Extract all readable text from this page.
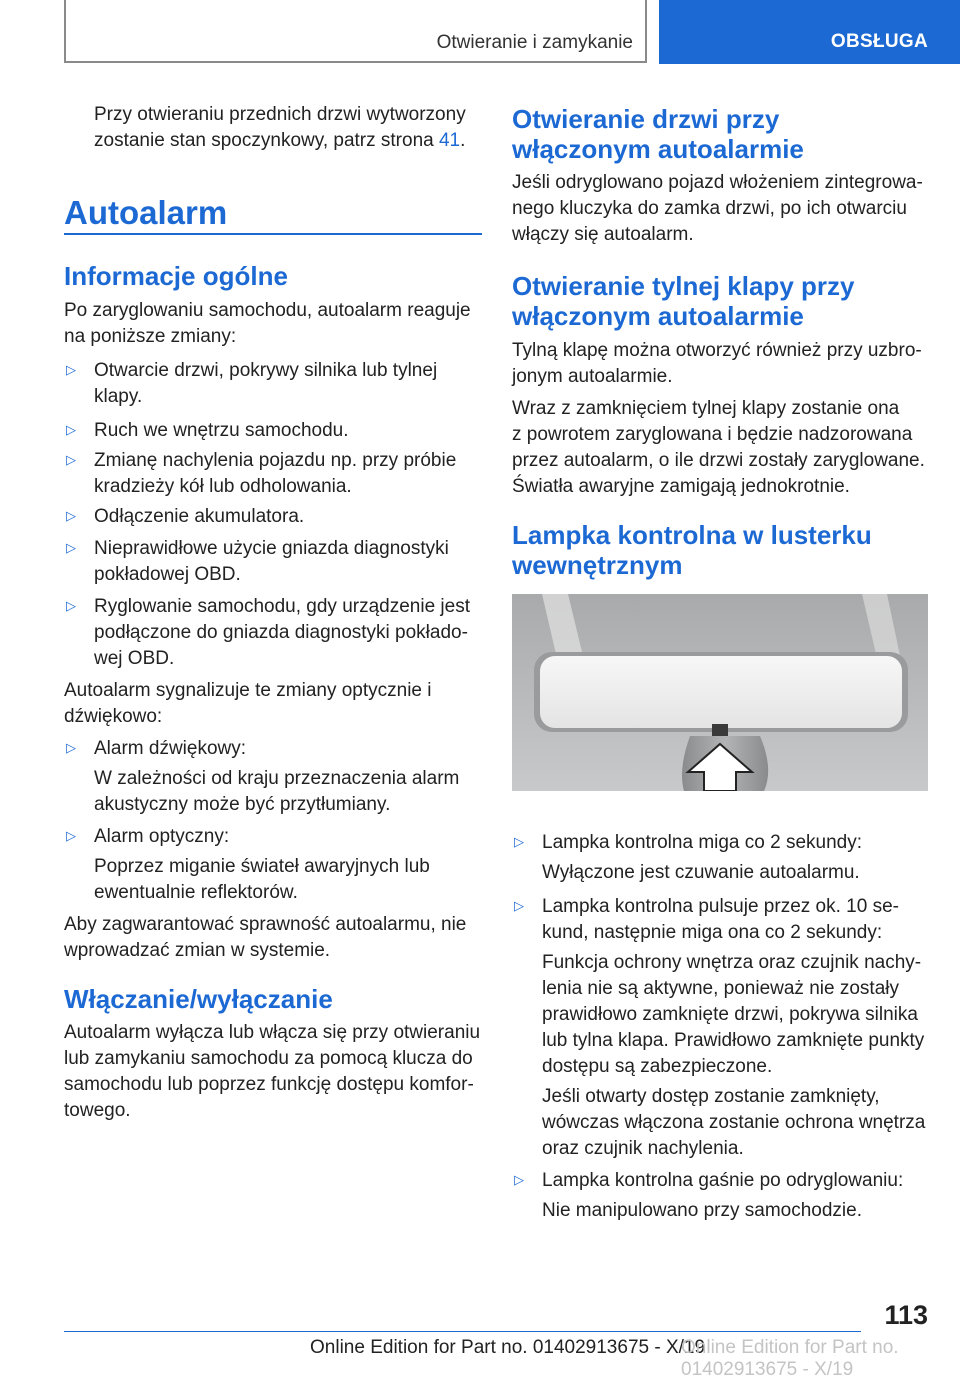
Otwieranie i zamykanie	OBSŁUGA

Przy otwieraniu przednich drzwi wytworzony

zostanie stan spoczynkowy, patrz strona 41.

Autoalarm
Informacje ogólne

Po zaryglowaniu samochodu, autoalarm reaguje

na poniższe zmiany:

▷ Otwarcie drzwi, pokrywy silnika lub tylnej

klapy.

▷ Ruch we wnętrzu samochodu.

▷ Zmianę nachylenia pojazdu np. przy próbie

kradzieży kół lub odholowania.

▷ Odłączenie akumulatora.

▷ Nieprawidłowe użycie gniazda diagnostyki

pokładowej OBD.

▷ Ryglowanie samochodu, gdy urządzenie jest

podłączone do gniazda diagnostyki pokłado-

wej OBD.

Autoalarm sygnalizuje te zmiany optycznie i

dźwiękowo:

▷ Alarm dźwiękowy:

W zależności od kraju przeznaczenia alarm

akustyczny może być przytłumiany.

▷ Alarm optyczny:

Poprzez miganie świateł awaryjnych lub

ewentualnie reflektorów.

Aby zagwarantować sprawność autoalarmu, nie

wprowadzać zmian w systemie.

Włączanie/wyłączanie

Autoalarm wyłącza lub włącza się przy otwieraniu

lub zamykaniu samochodu za pomocą klucza do

samochodu lub poprzez funkcję dostępu komfor-

towego.

Otwieranie drzwi przy
włączonym autoalarmie

Jeśli odryglowano pojazd włożeniem zintegrowa-

nego kluczyka do zamka drzwi, po ich otwarciu

włączy się autoalarm.

Otwieranie tylnej klapy przy
włączonym autoalarmie

Tylną klapę można otworzyć również przy uzbro-

jonym autoalarmie.

Wraz z zamknięciem tylnej klapy zostanie ona

z powrotem zaryglowana i będzie nadzorowana

przez autoalarm, o ile drzwi zostały zaryglowane.

Światła awaryjne zamigają jednokrotnie.

Lampka kontrolna w lusterku
wewnętrznym
▷ Lampka kontrolna miga co 2 sekundy:

Wyłączone jest czuwanie autoalarmu.

▷ Lampka kontrolna pulsuje przez ok. 10 se-

kund, następnie miga ona co 2 sekundy:

Funkcja ochrony wnętrza oraz czujnik nachy-

lenia nie są aktywne, ponieważ nie zostały

prawidłowo zamknięte drzwi, pokrywa silnika

lub tylna klapa. Prawidłowo zamknięte punkty

dostępu są zabezpieczone.

Jeśli otwarty dostęp zostanie zamknięty,

wówczas włączona zostanie ochrona wnętrza

oraz czujnik nachylenia.

▷ Lampka kontrolna gaśnie po odryglowaniu:

Nie manipulowano przy samochodzie.

113
Online Edition for Part no. 01402913675 - X/19
Online Edition for Part no. 01402913675 - X/19
